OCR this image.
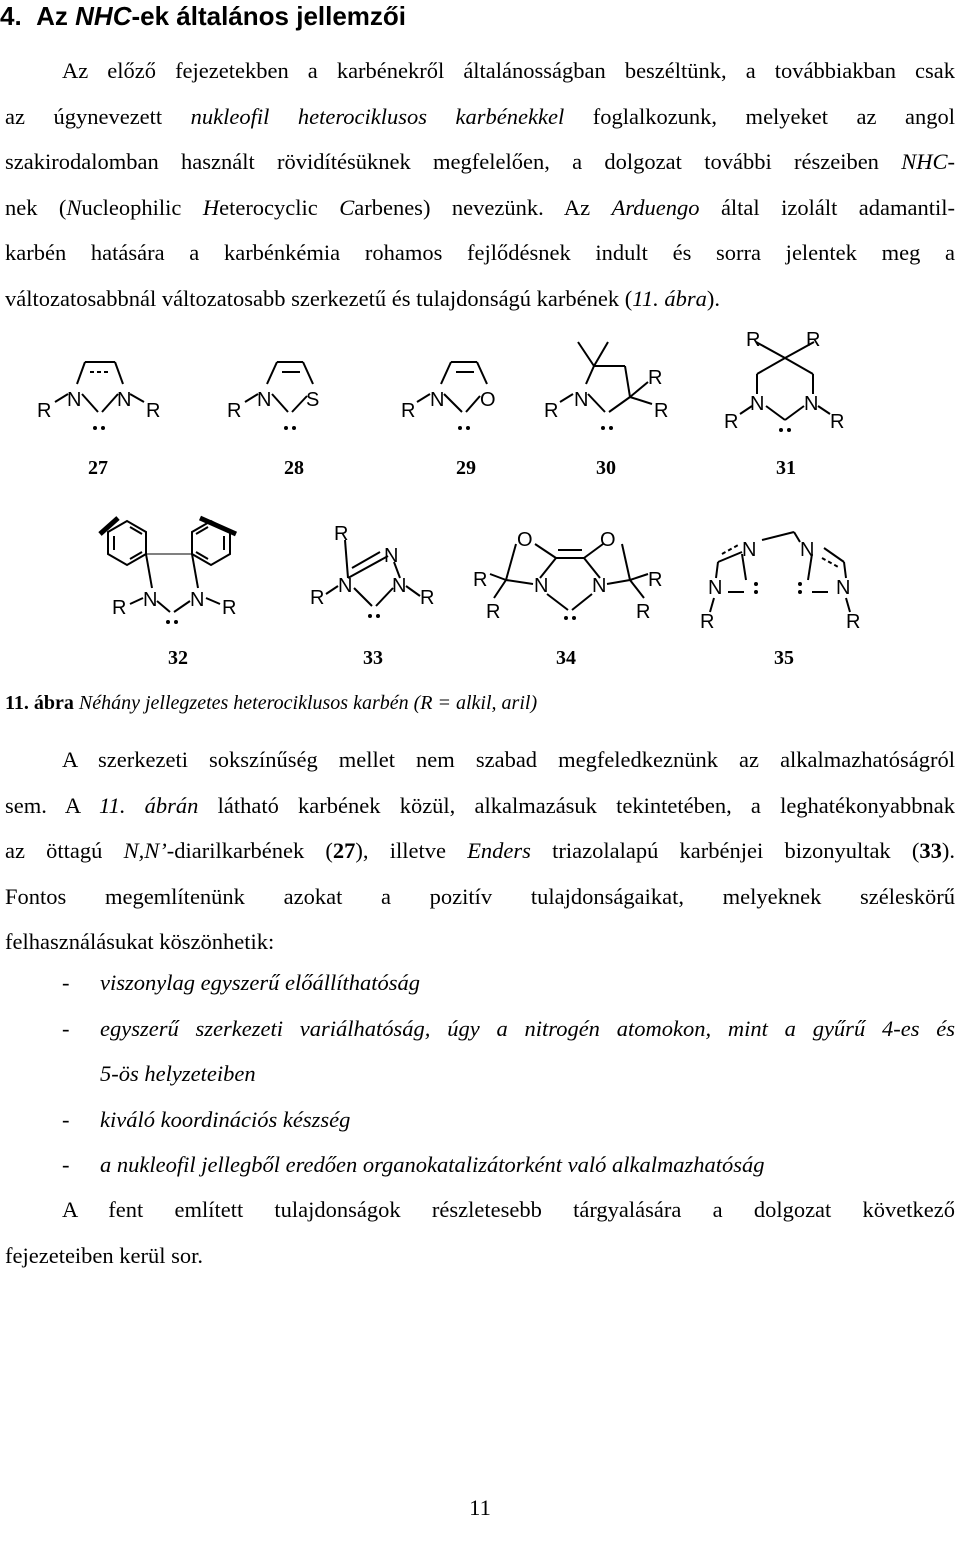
4. Az NHC-ek általános jellemzői
Az előző fejezetekben a karbénekről általánosságban beszéltünk, a továbbiakban csak
az úgynevezett nukleofil heterociklusos karbénekkel foglalkozunk, melyeket az angol
szakirodalomban használt rövidítésüknek megfelelően, a dolgozat további részeiben NHC-
nek (Nucleophilic Heterocyclic Carbenes) nevezünk. Az Arduengo által izolált adamantil-
karbén hatására a karbénkémia rohamos fejlődésnek indult és sorra jelentek meg a
változatosabbnál változatosabb szerkezetű és tulajdonságú karbének (11. ábra).
R N N R	R N S	R N O R N
R
R
R R
N N
R	R
27	28	29	30	31
R N N R
R
N
R
N N
R
O	O
R N N R
R	R
N N
N	N
R	R
32	33	34	35
11. ábra Néhány jellegzetes heterociklusos karbén (R = alkil, aril)
A szerkezeti sokszínűség mellet nem szabad megfeledkeznünk az alkalmazhatóságról
sem. A 11. ábrán látható karbének közül, alkalmazásuk tekintetében, a leghatékonyabbnak
az öttagú N,N’-diarilkarbének (27), illetve Enders triazolalapú karbénjei bizonyultak (33).
Fontos megemlítenünk azokat a pozitív tulajdonságaikat, melyeknek széleskörű
felhasználásukat köszönhetik:
- viszonylag egyszerű előállíthatóság
- egyszerű szerkezeti variálhatóság, úgy a nitrogén atomokon, mint a gyűrű 4-es és
5-ös helyzeteiben
- kiváló koordinációs készség
- a nukleofil jellegből eredően organokatalizátorként való alkalmazhatóság
A fent említett tulajdonságok részletesebb tárgyalására a dolgozat következő
fejezeteiben kerül sor.
11
